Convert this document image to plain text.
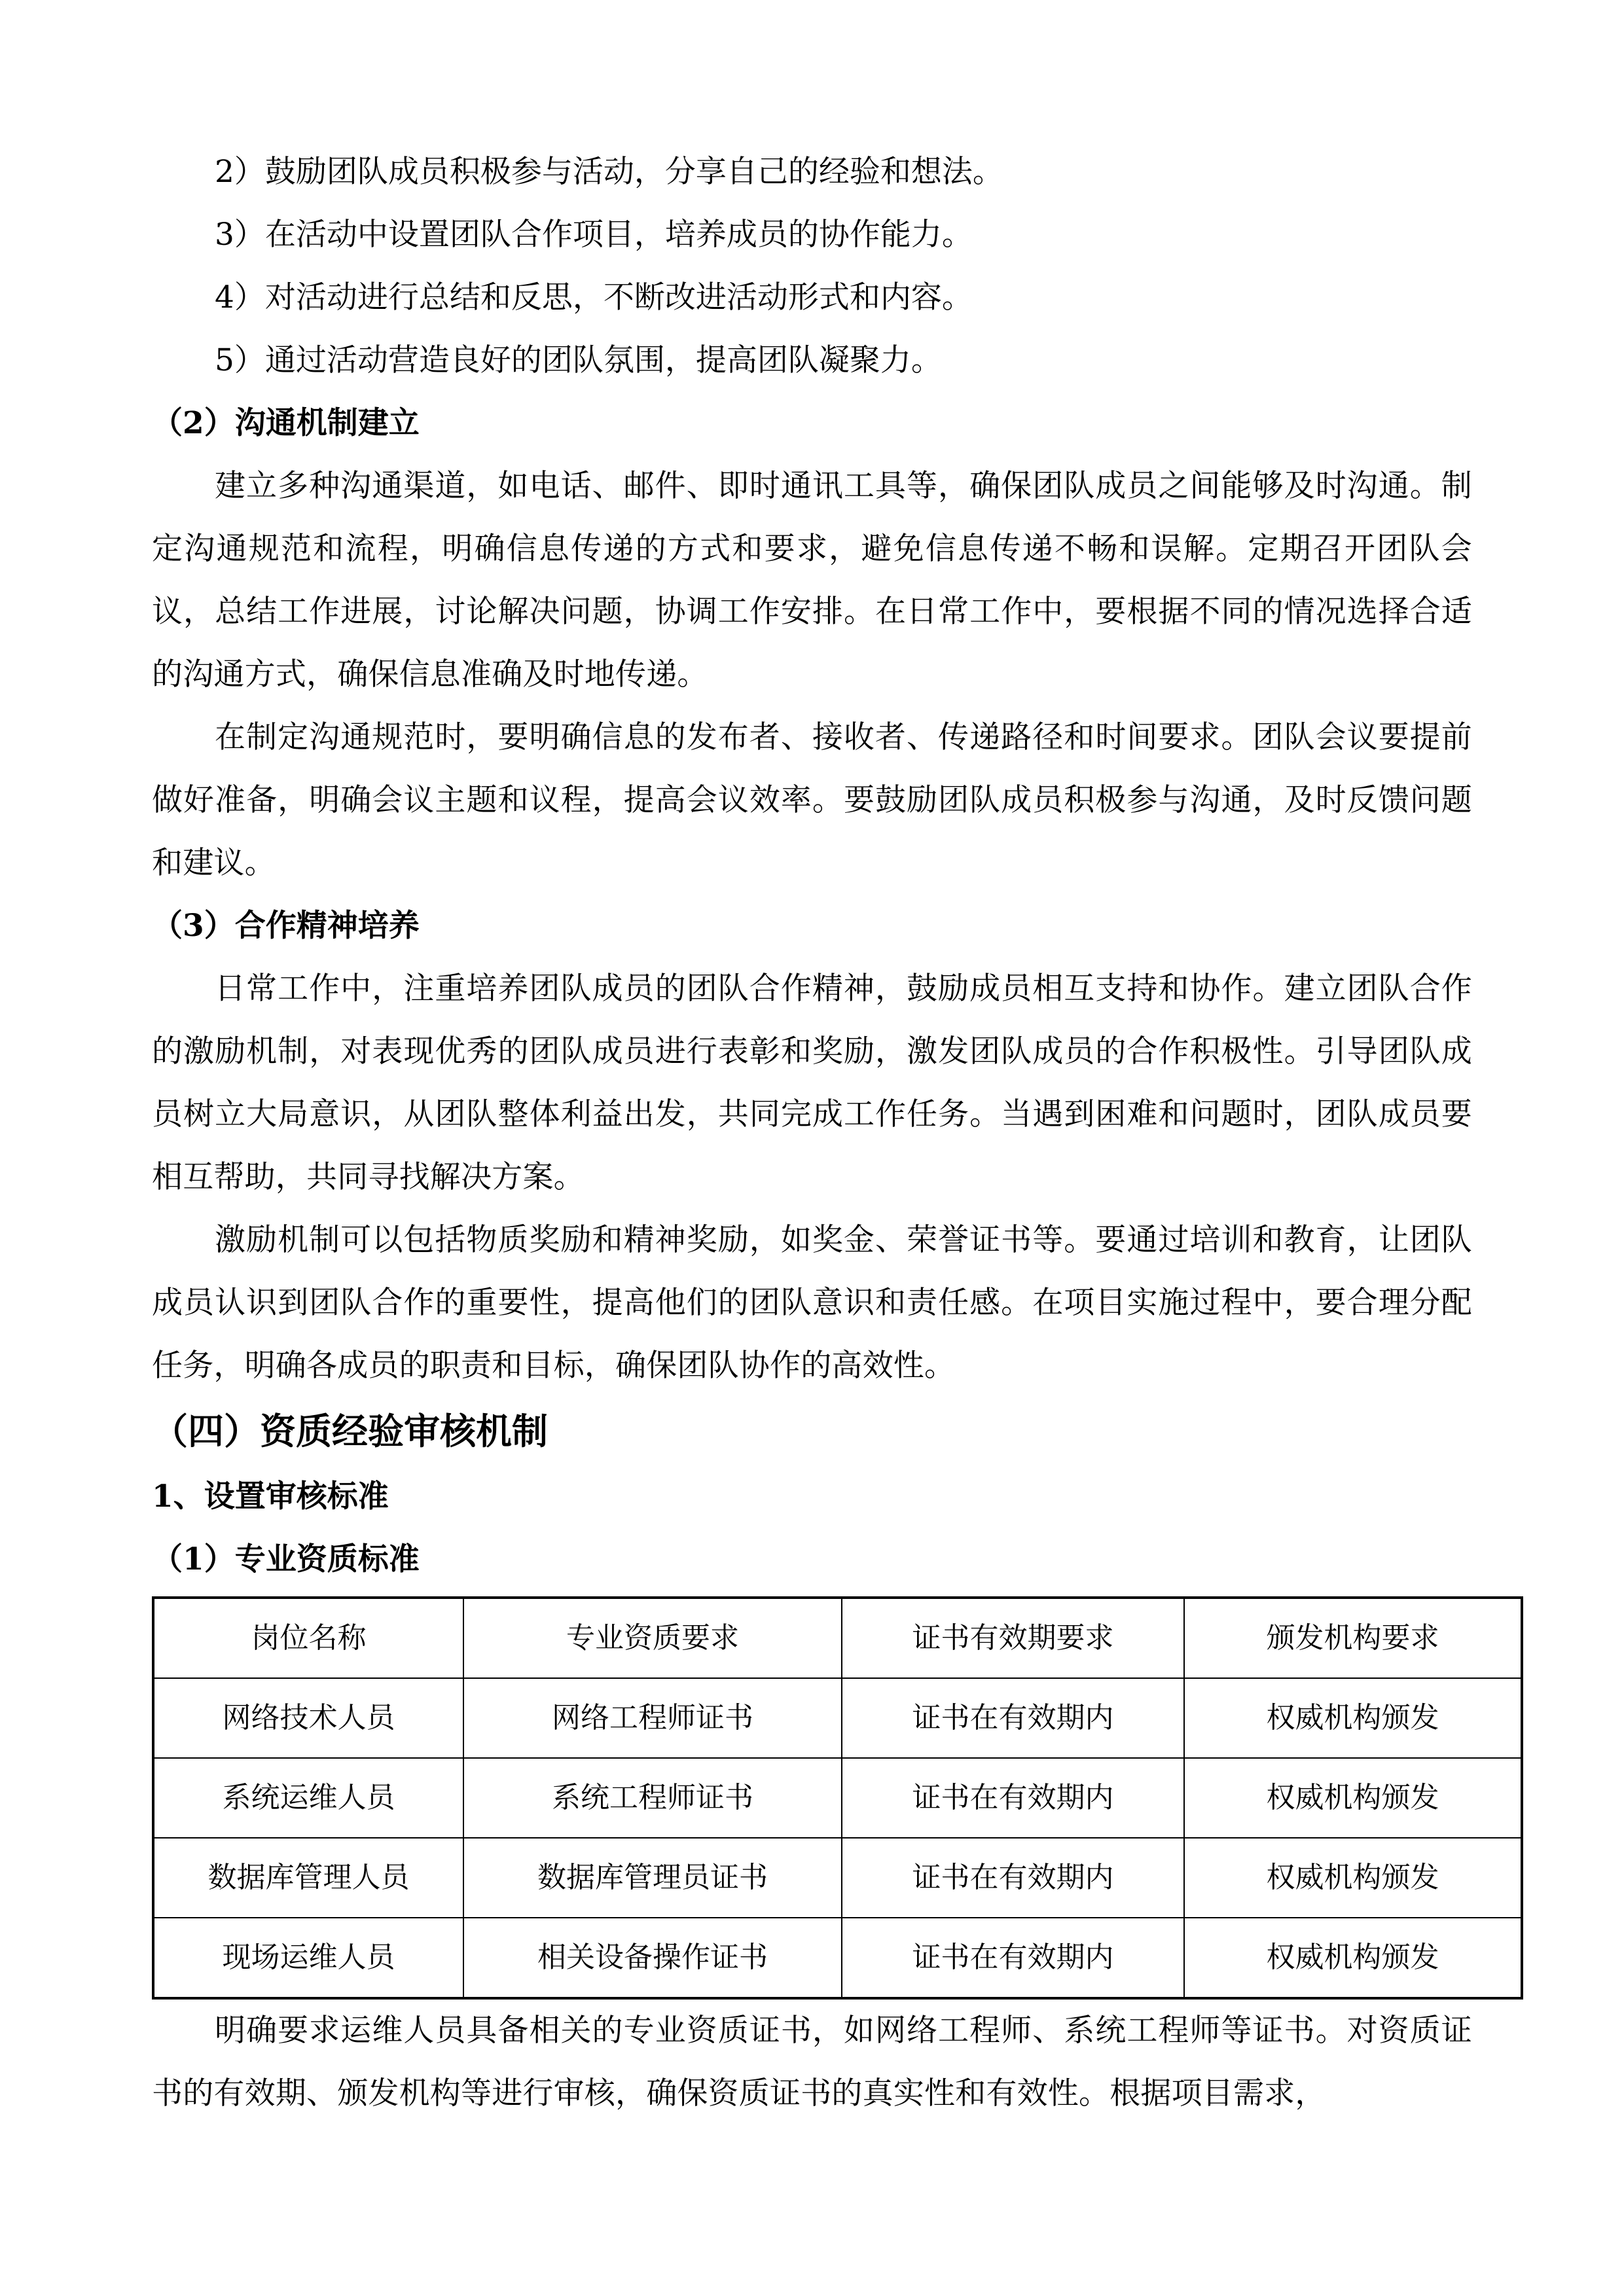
2）鼓励团队成员积极参与活动，分享自己的经验和想法。

3）在活动中设置团队合作项目，培养成员的协作能力。

4）对活动进行总结和反思，不断改进活动形式和内容。

5）通过活动营造良好的团队氛围，提高团队凝聚力。

（2）沟通机制建立

建立多种沟通渠道，如电话、邮件、即时通讯工具等，确保团队成员之间能够及时沟通。制定沟通规范和流程，明确信息传递的方式和要求，避免信息传递不畅和误解。定期召开团队会议，总结工作进展，讨论解决问题，协调工作安排。在日常工作中，要根据不同的情况选择合适的沟通方式，确保信息准确及时地传递。

在制定沟通规范时，要明确信息的发布者、接收者、传递路径和时间要求。团队会议要提前做好准备，明确会议主题和议程，提高会议效率。要鼓励团队成员积极参与沟通，及时反馈问题和建议。

（3）合作精神培养

日常工作中，注重培养团队成员的团队合作精神，鼓励成员相互支持和协作。建立团队合作的激励机制，对表现优秀的团队成员进行表彰和奖励，激发团队成员的合作积极性。引导团队成员树立大局意识，从团队整体利益出发，共同完成工作任务。当遇到困难和问题时，团队成员要相互帮助，共同寻找解决方案。

激励机制可以包括物质奖励和精神奖励，如奖金、荣誉证书等。要通过培训和教育，让团队成员认识到团队合作的重要性，提高他们的团队意识和责任感。在项目实施过程中，要合理分配任务，明确各成员的职责和目标，确保团队协作的高效性。

（四）资质经验审核机制
1、设置审核标准
（1）专业资质标准
岗位名称	专业资质要求	证书有效期要求	颁发机构要求
网络技术人员	网络工程师证书	证书在有效期内	权威机构颁发
系统运维人员	系统工程师证书	证书在有效期内	权威机构颁发
数据库管理人员	数据库管理员证书	证书在有效期内	权威机构颁发
现场运维人员	相关设备操作证书	证书在有效期内	权威机构颁发

明确要求运维人员具备相关的专业资质证书，如网络工程师、系统工程师等证书。对资质证书的有效期、颁发机构等进行审核，确保资质证书的真实性和有效性。根据项目需求，
